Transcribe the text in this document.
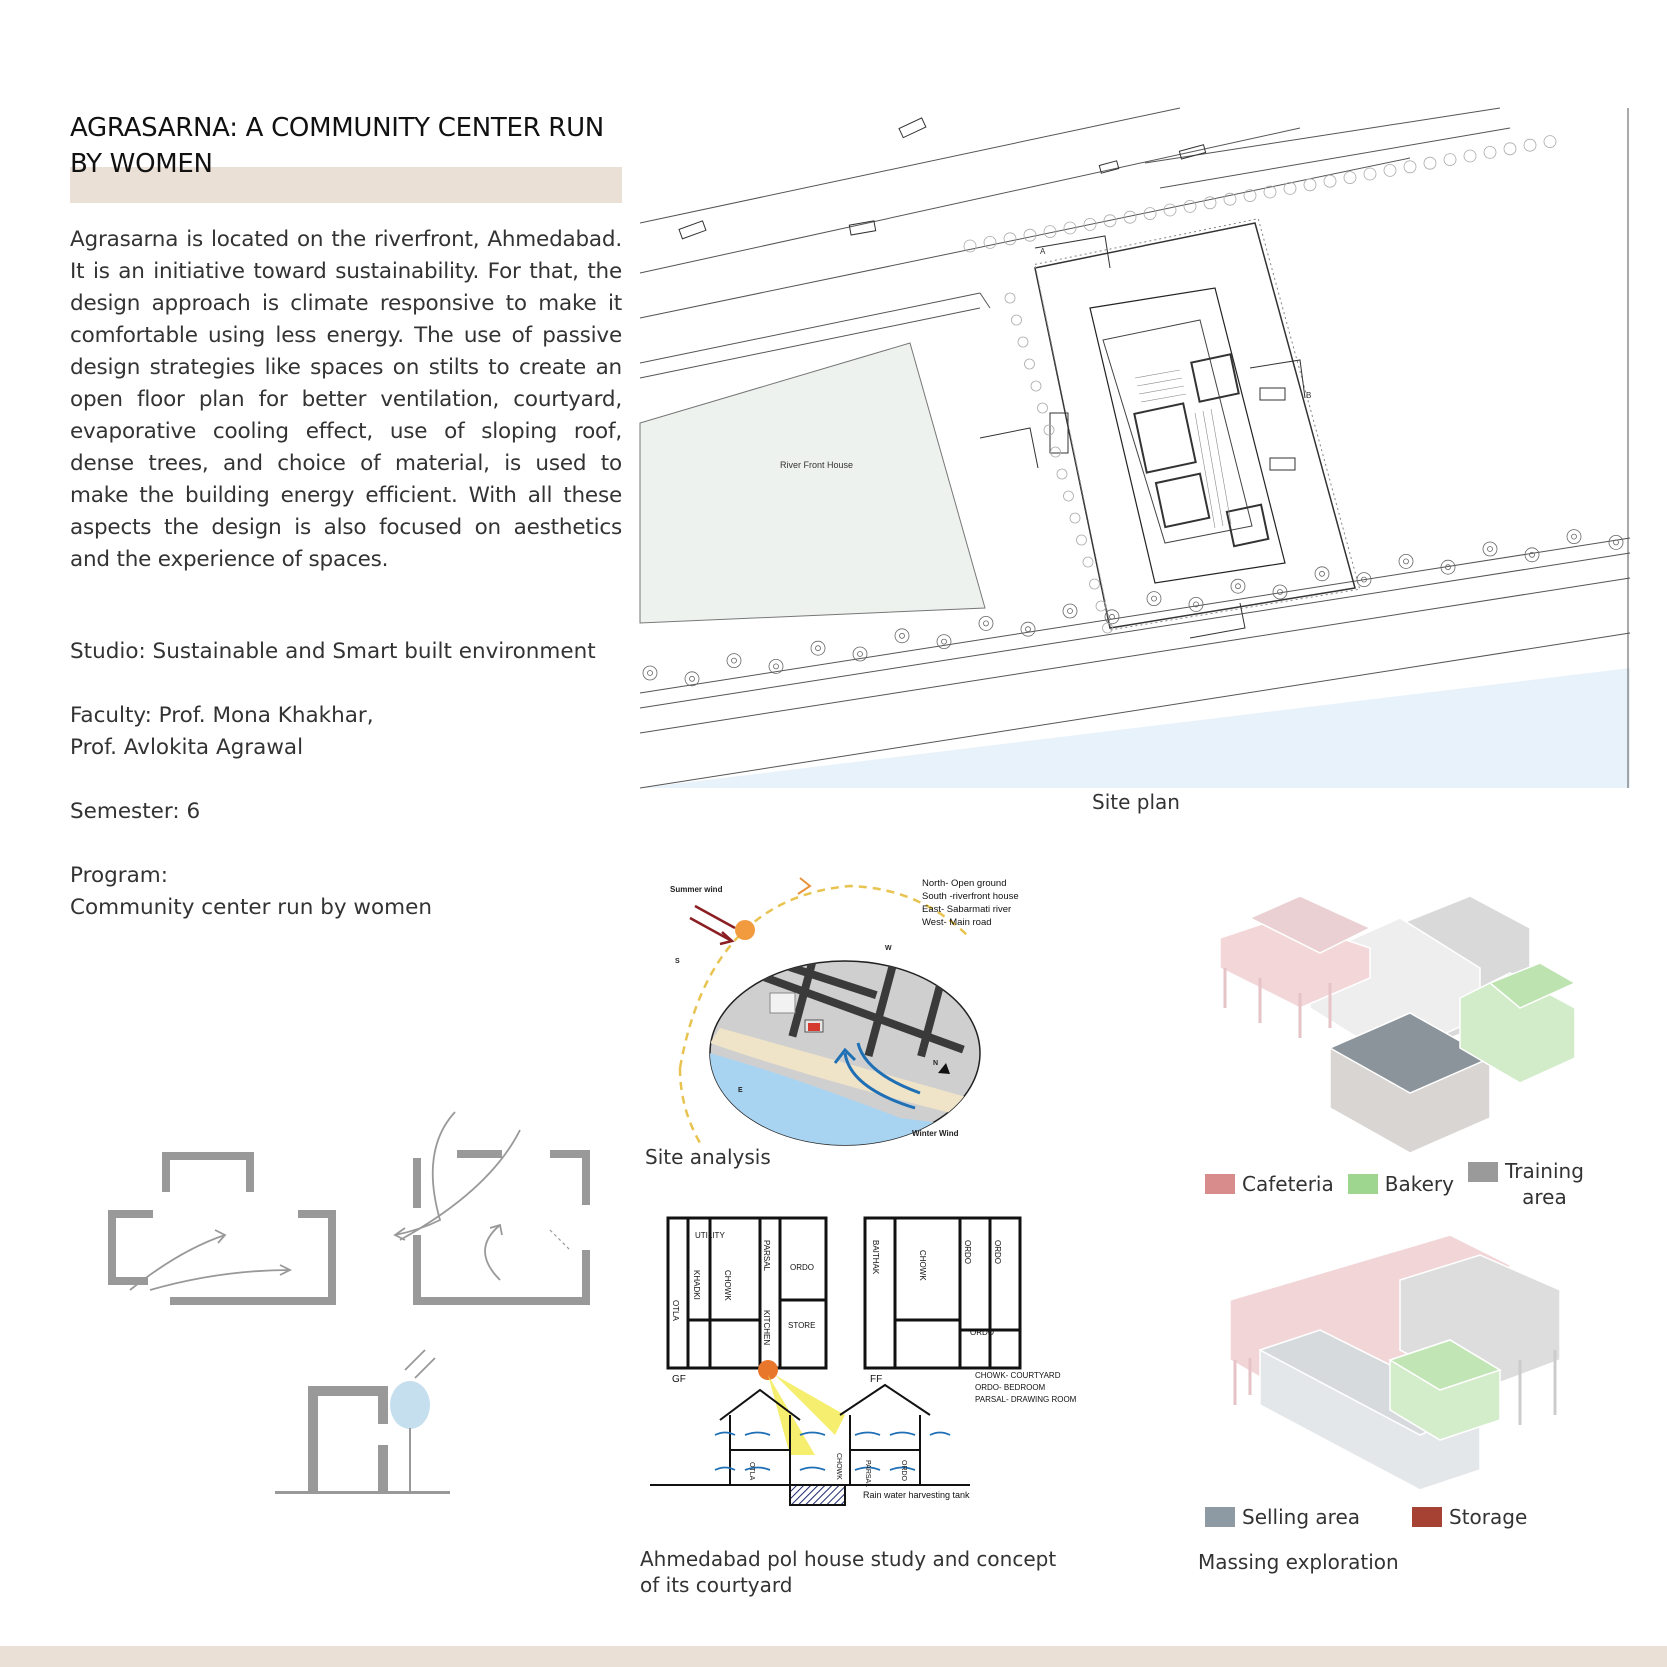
AGRASARNA: A COMMUNITY CENTER RUN BY WOMEN
Agrasarna is located on the riverfront, Ahmedabad. It is an initiative toward sustainability. For that, the design approach is climate responsive to make it comfortable using less energy. The use of passive design strategies like spaces on stilts to create an open floor plan for better ventilation, courtyard, evaporative cooling effect, use of sloping roof, dense trees, and choice of material, is used to make the building energy efficient. With all these aspects the design is also focused on aesthetics and the experience of spaces.
Studio: Sustainable and Smart built environment
Faculty: Prof. Mona Khakhar,
Prof. Avlokita Agrawal
Semester: 6
Program:
Community center run by women
River Front House
A
B
Site plan
Summer wind
Winter Wind
S
W
N
E
North- Open ground
South -riverfront house
East- Sabarmati river
West- Main road
Site analysis
UTILITY
OTLA
KHADKI	CHOWK
PARSAL ORDO
KITCHEN STORE
BAITHAK	CHOWK	ORDO	ORDO
ORDO
GF	FF	CHOWK- COURTYARD
ORDO- BEDROOM
PARSAL- DRAWING ROOM
OTLA	CHOWK	PARSAL	ORDO
Rain water harvesting tank
Ahmedabad pol house study and concept
of its courtyard
Cafeteria	Bakery
Training
area
Selling area	Storage
Massing exploration
